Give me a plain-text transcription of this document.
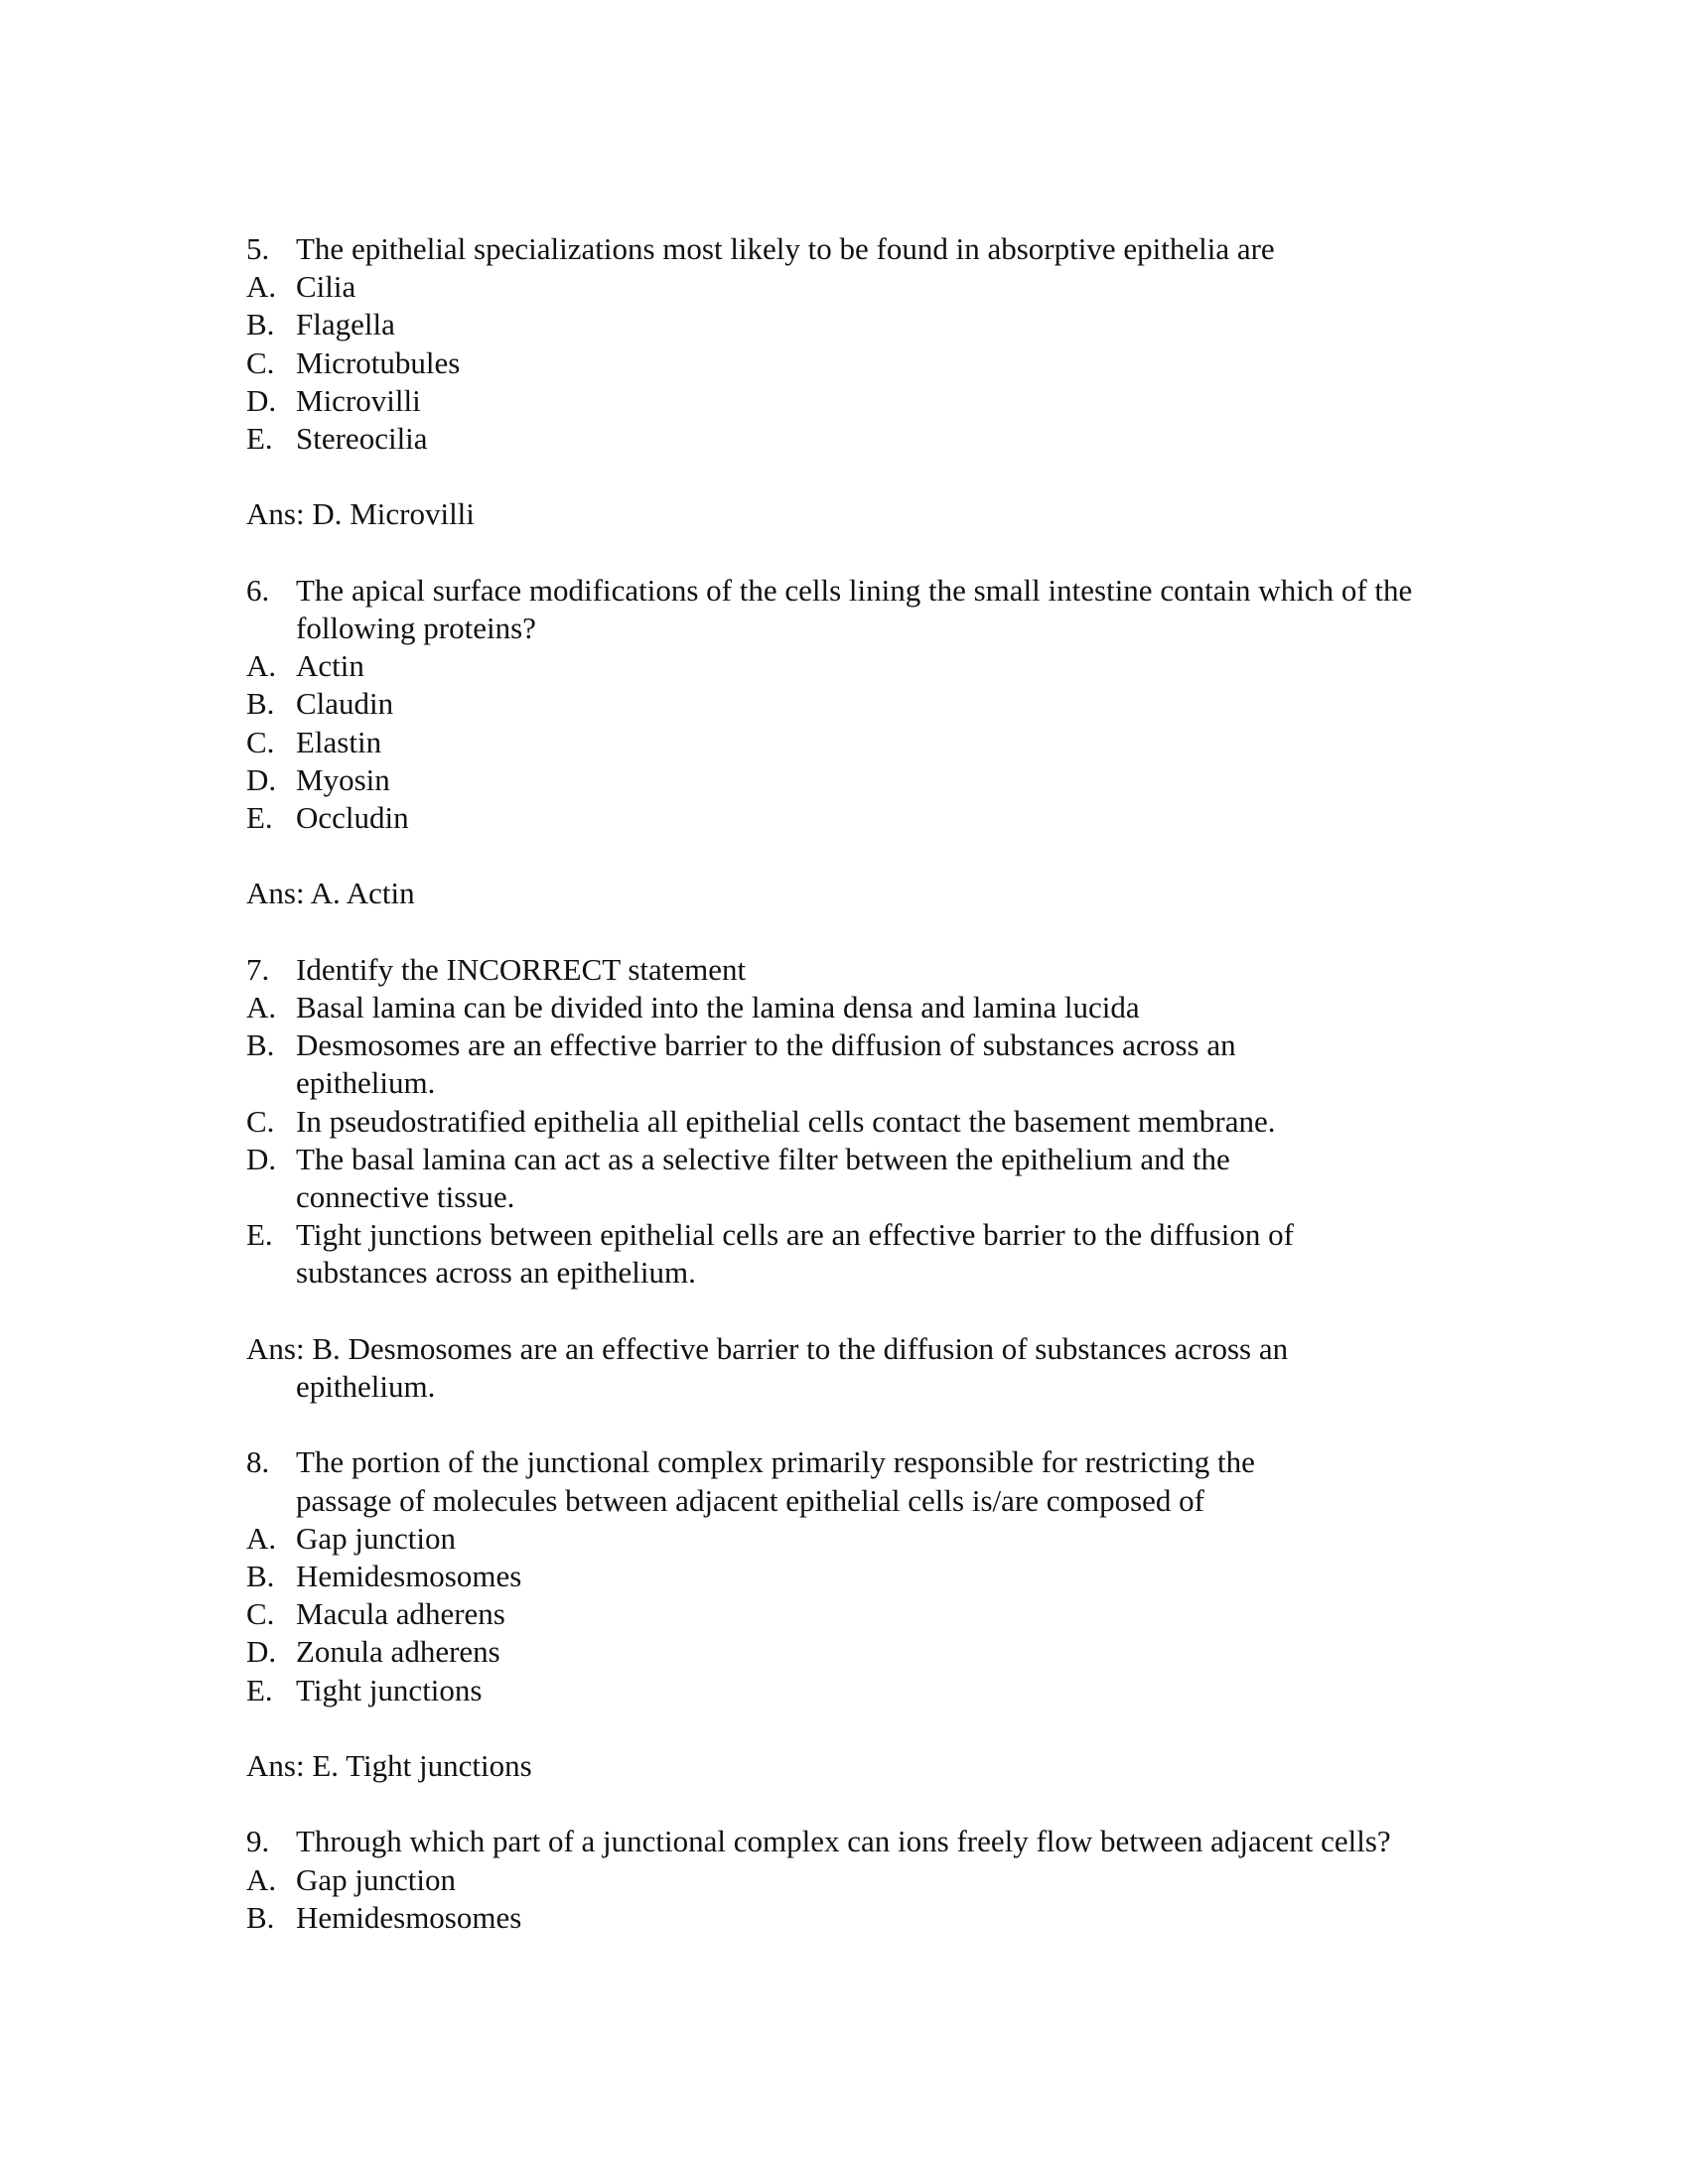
5. The epithelial specializations most likely to be found in absorptive epithelia are
A. Cilia
B. Flagella
C. Microtubules
D. Microvilli
E. Stereocilia
Ans: D. Microvilli
6. The apical surface modifications of the cells lining the small intestine contain which of the following proteins?
A. Actin
B. Claudin
C. Elastin
D. Myosin
E. Occludin
Ans: A. Actin
7. Identify the INCORRECT statement
A. Basal lamina can be divided into the lamina densa and lamina lucida
B. Desmosomes are an effective barrier to the diffusion of substances across an epithelium.
C. In pseudostratified epithelia all epithelial cells contact the basement membrane.
D. The basal lamina can act as a selective filter between the epithelium and the connective tissue.
E. Tight junctions between epithelial cells are an effective barrier to the diffusion of substances across an epithelium.
Ans: B. Desmosomes are an effective barrier to the diffusion of substances across an
epithelium.
8. The portion of the junctional complex primarily responsible for restricting the passage of molecules between adjacent epithelial cells is/are composed of
A. Gap junction
B. Hemidesmosomes
C. Macula adherens
D. Zonula adherens
E. Tight junctions
Ans: E. Tight junctions
9. Through which part of a junctional complex can ions freely flow between adjacent cells?
A. Gap junction
B. Hemidesmosomes
